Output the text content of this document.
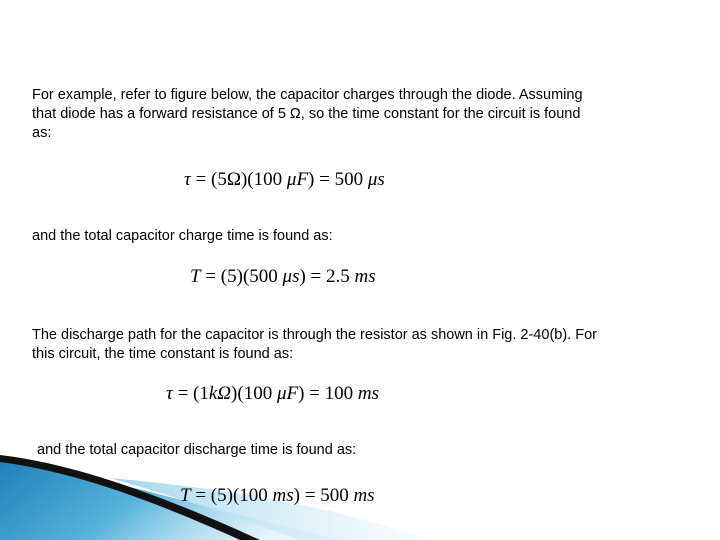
For example, refer to figure below, the capacitor charges through the diode. Assuming

that diode has a forward resistance of 5 Ω, so the time constant for the circuit is found

as:

τ = (5Ω)(100 μF) = 500 μs

and the total capacitor charge time is found as:

T = (5)(500 μs) = 2.5 ms

The discharge path for the capacitor is through the resistor as shown in Fig. 2-40(b). For

this circuit, the time constant is found as:

τ = (1kΩ)(100 μF) = 100 ms

and the total capacitor discharge time is found as:

T = (5)(100 ms) = 500 ms
